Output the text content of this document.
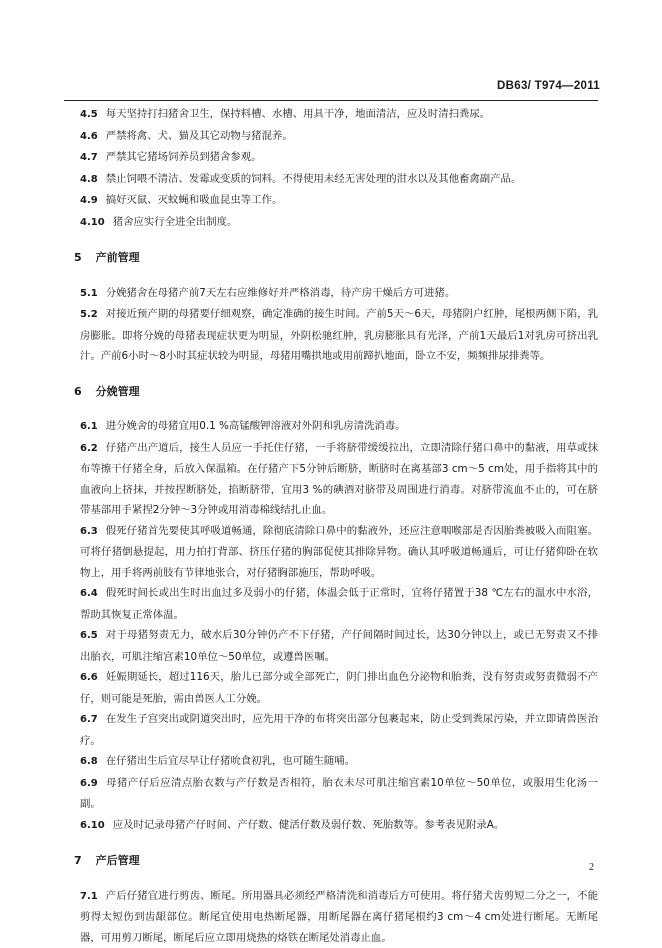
DB63/ T974—2011

4.5 每天坚持打扫猪舍卫生，保持料槽、水槽、用具干净，地面清洁，应及时清扫粪尿。

4.6 严禁将禽、犬、猫及其它动物与猪混养。

4.7 严禁其它猪场饲养员到猪舍参观。

4.8 禁止饲喂不清洁、发霉或变质的饲料。不得使用未经无害处理的泔水以及其他畜禽副产品。

4.9 搞好灭鼠、灭蚊蝇和吸血昆虫等工作。

4.10 猪舍应实行全进全出制度。

5 产前管理

5.1 分娩猪舍在母猪产前7天左右应维修好并严格消毒，待产房干燥后方可进猪。

5.2 对接近预产期的母猪要仔细观察，确定准确的接生时间。产前5天～6天，母猪阴户红肿，尾根两侧下陷，乳房膨胀。即将分娩的母猪表现症状更为明显，外阴松驰红肿，乳房膨胀具有光泽，产前1天最后1对乳房可挤出乳汁。产前6小时～8小时其症状较为明显，母猪用嘴拱地或用前蹄扒地面，卧立不安，频频排尿排粪等。

6 分娩管理

6.1 进分娩舍的母猪宜用0.1 %高锰酸钾溶液对外阴和乳房清洗消毒。

6.2 仔猪产出产道后，接生人员应一手托住仔猪，一手将脐带缓缓拉出，立即清除仔猪口鼻中的黏液，用草或抹布等擦干仔猪全身，后放入保温箱。在仔猪产下5分钟后断脐，断脐时在离基部3 cm～5 cm处，用手指将其中的血液向上挤抹，并按捏断脐处，掐断脐带，宜用3 %的碘酒对脐带及周围进行消毒。对脐带流血不止的，可在脐带基部用手紧捏2分钟～3分钟或用消毒棉线结扎止血。

6.3 假死仔猪首先要使其呼吸道畅通，除彻底清除口鼻中的黏液外，还应注意咽喉部是否因胎粪被吸入而阻塞。可将仔猪倒悬提起，用力拍打背部、挤压仔猪的胸部促使其排除异物。确认其呼吸道畅通后，可让仔猪仰卧在软物上，用手将两前肢有节律地张合，对仔猪胸部施压，帮助呼吸。

6.4 假死时间长或出生时出血过多及弱小的仔猪，体温会低于正常时，宜将仔猪置于38 ℃左右的温水中水浴，帮助其恢复正常体温。

6.5 对于母猪努责无力，破水后30分钟仍产不下仔猪，产仔间隔时间过长，达30分钟以上，或已无努责又不排出胎衣，可肌注缩宫素10单位～50单位，或遵兽医嘱。

6.6 妊娠期延长，超过116天，胎儿已部分或全部死亡，阴门排出血色分泌物和胎粪，没有努责或努责微弱不产仔，则可能是死胎，需由兽医人工分娩。

6.7 在发生子宫突出或阴道突出时，应先用干净的布将突出部分包裹起来，防止受到粪尿污染，并立即请兽医治疗。

6.8 在仔猪出生后宜尽早让仔猪吮食初乳，也可随生随哺。

6.9 母猪产仔后应清点胎衣数与产仔数是否相符，胎衣未尽可肌注缩宫素10单位～50单位，或服用生化汤一副。

6.10 应及时记录母猪产仔时间、产仔数、健活仔数及弱仔数、死胎数等。参考表见附录A。

7 产后管理

7.1 产后仔猪宜进行剪齿、断尾。所用器具必须经严格清洗和消毒后方可使用。将仔猪犬齿剪短二分之一，不能剪得太短伤到齿龈部位。断尾宜使用电热断尾器，用断尾器在离仔猪尾根约3 cm～4 cm处进行断尾。无断尾器，可用剪刀断尾，断尾后应立即用烧热的烙铁在断尾处消毒止血。

2
